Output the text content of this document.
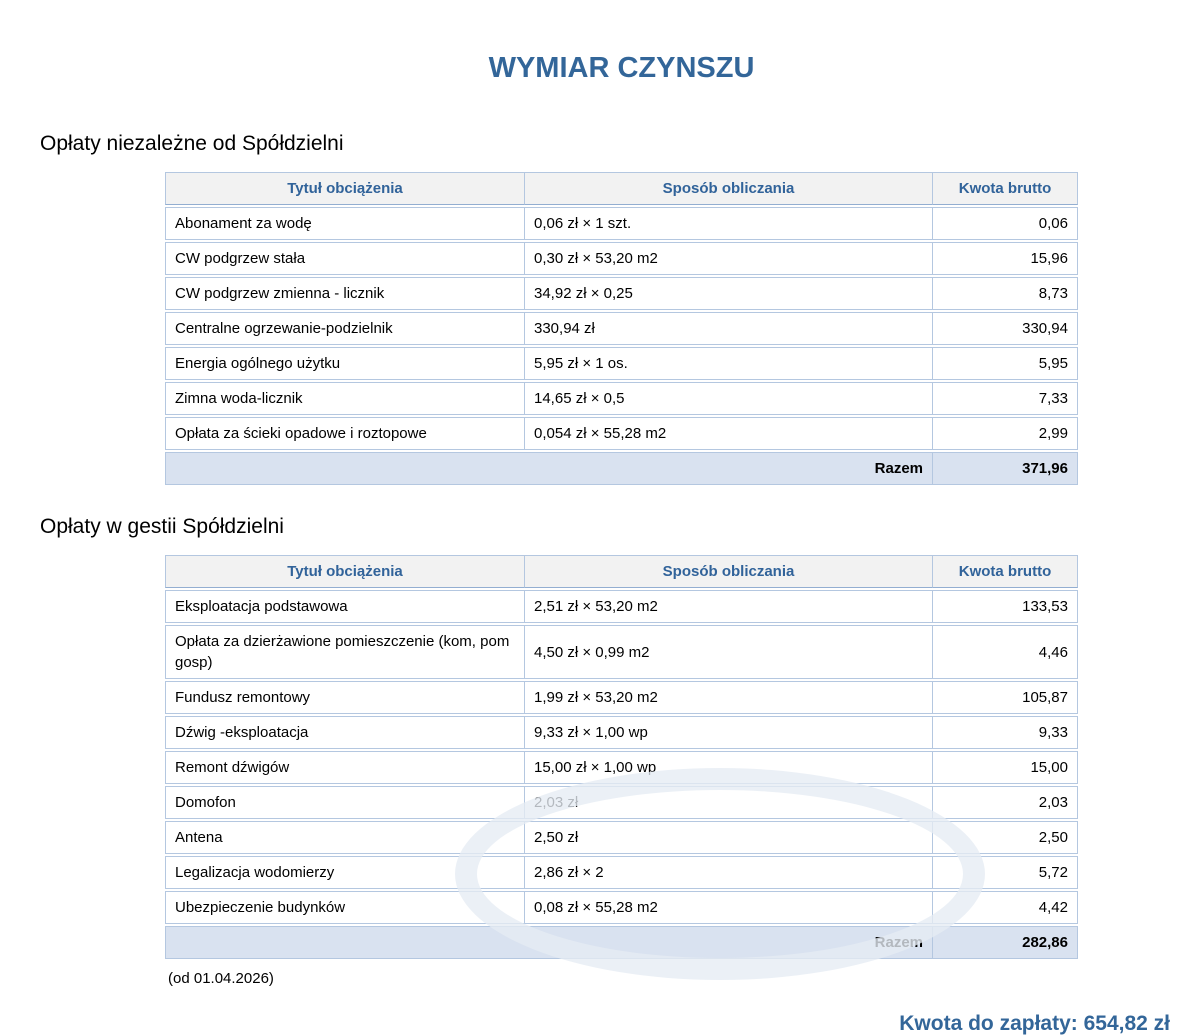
WYMIAR CZYNSZU
Opłaty niezależne od Spółdzielni
Tytuł obciążenia	Sposób obliczania	Kwota brutto
Abonament za wodę	0,06 zł × 1 szt.	0,06
CW podgrzew stała	0,30 zł × 53,20 m2	15,96
CW podgrzew zmienna - licznik	34,92 zł × 0,25	8,73
Centralne ogrzewanie-podzielnik	330,94 zł	330,94
Energia ogólnego użytku	5,95 zł × 1 os.	5,95
Zimna woda-licznik	14,65 zł × 0,5	7,33
Opłata za ścieki opadowe i roztopowe	0,054 zł × 55,28 m2	2,99
Razem		371,96
Opłaty w gestii Spółdzielni
Tytuł obciążenia	Sposób obliczania	Kwota brutto
Eksploatacja podstawowa	2,51 zł × 53,20 m2	133,53
Opłata za dzierżawione pomieszczenie (kom, pom gosp)	4,50 zł × 0,99 m2	4,46
Fundusz remontowy	1,99 zł × 53,20 m2	105,87
Dźwig -eksploatacja	9,33 zł × 1,00 wp	9,33
Remont dźwigów	15,00 zł × 1,00 wp	15,00
Domofon	2,03 zł	2,03
Antena	2,50 zł	2,50
Legalizacja wodomierzy	2,86 zł × 2	5,72
Ubezpieczenie budynków	0,08 zł × 55,28 m2	4,42
Razem		282,86
(od 01.04.2026)
Kwota do zapłaty: 654,82 zł
